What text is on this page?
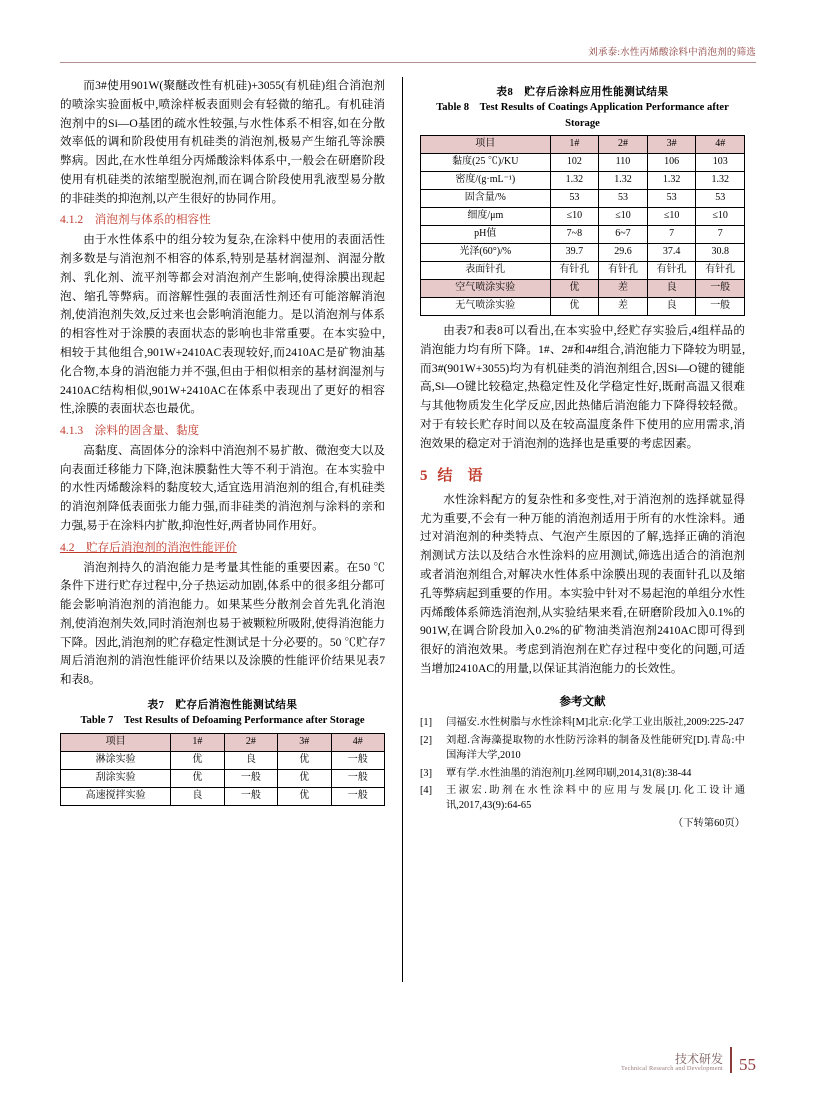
刘承泰:水性丙烯酸涂料中消泡剂的筛选

而3#使用901W(聚醚改性有机硅)+3055(有机硅)组合消泡剂的喷涂实验面板中,喷涂样板表面则会有轻微的缩孔。有机硅消泡剂中的Si—O基团的疏水性较强,与水性体系不相容,如在分散效率低的调和阶段使用有机硅类的消泡剂,极易产生缩孔等涂膜弊病。因此,在水性单组分丙烯酸涂料体系中,一般会在研磨阶段使用有机硅类的浓缩型脱泡剂,而在调合阶段使用乳液型易分散的非硅类的抑泡剂,以产生很好的协同作用。

4.1.2　消泡剂与体系的相容性

由于水性体系中的组分较为复杂,在涂料中使用的表面活性剂多数是与消泡剂不相容的体系,特别是基材润湿剂、润湿分散剂、乳化剂、流平剂等都会对消泡剂产生影响,使得涂膜出现起泡、缩孔等弊病。而溶解性强的表面活性剂还有可能溶解消泡剂,使消泡剂失效,反过来也会影响消泡能力。是以消泡剂与体系的相容性对于涂膜的表面状态的影响也非常重要。在本实验中,相较于其他组合,901W+2410AC表现较好,而2410AC是矿物油基化合物,本身的消泡能力并不强,但由于相似相亲的基材润湿剂与2410AC结构相似,901W+2410AC在体系中表现出了更好的相容性,涂膜的表面状态也最优。

4.1.3　涂料的固含量、黏度

高黏度、高固体分的涂料中消泡剂不易扩散、微泡变大以及向表面迁移能力下降,泡沫膜黏性大等不利于消泡。在本实验中的水性丙烯酸涂料的黏度较大,适宜选用消泡剂的组合,有机硅类的消泡剂降低表面张力能力强,而非硅类的消泡剂与涂料的亲和力强,易于在涂料内扩散,抑泡性好,两者协同作用好。

4.2　贮存后消泡剂的消泡性能评价

消泡剂持久的消泡能力是考量其性能的重要因素。在50 ℃条件下进行贮存过程中,分子热运动加剧,体系中的很多组分都可能会影响消泡剂的消泡能力。如果某些分散剂会首先乳化消泡剂,使消泡剂失效,同时消泡剂也易于被颗粒所吸附,使得消泡能力下降。因此,消泡剂的贮存稳定性测试是十分必要的。50 ℃贮存7周后消泡剂的消泡性能评价结果以及涂膜的性能评价结果见表7和表8。

表7　贮存后消泡性能测试结果
Table 7　Test Results of Defoaming Performance after Storage
项目	1#	2#	3#	4#
淋涂实验	优	良	优	一般
刮涂实验	优	一般	优	一般
高速搅拌实验	良	一般	优	一般
表8　贮存后涂料应用性能测试结果
Table 8　Test Results of Coatings Application Performance after Storage
项目	1#	2#	3#	4#
黏度(25 ℃)/KU	102	110	106	103
密度/(g·mL⁻¹)	1.32	1.32	1.32	1.32
固含量/%	53	53	53	53
细度/μm	≤10	≤10	≤10	≤10
pH值	7~8	6~7	7	7
光泽(60°)/%	39.7	29.6	37.4	30.8
表面针孔	有针孔	有针孔	有针孔	有针孔
空气喷涂实验	优	差	良	一般
无气喷涂实验	优	差	良	一般

由表7和表8可以看出,在本实验中,经贮存实验后,4组样品的消泡能力均有所下降。1#、2#和4#组合,消泡能力下降较为明显,而3#(901W+3055)均为有机硅类的消泡剂组合,因Si—O键的键能高,Si—O键比较稳定,热稳定性及化学稳定性好,既耐高温又很难与其他物质发生化学反应,因此热储后消泡能力下降得较轻微。对于有较长贮存时间以及在较高温度条件下使用的应用需求,消泡效果的稳定对于消泡剂的选择也是重要的考虑因素。

5 结　语

水性涂料配方的复杂性和多变性,对于消泡剂的选择就显得尤为重要,不会有一种万能的消泡剂适用于所有的水性涂料。通过对消泡剂的种类特点、气泡产生原因的了解,选择正确的消泡剂测试方法以及结合水性涂料的应用测试,筛选出适合的消泡剂或者消泡剂组合,对解决水性体系中涂膜出现的表面针孔以及缩孔等弊病起到重要的作用。本实验中针对不易起泡的单组分水性丙烯酸体系筛选消泡剂,从实验结果来看,在研磨阶段加入0.1%的901W,在调合阶段加入0.2%的矿物油类消泡剂2410AC即可得到很好的消泡效果。考虑到消泡剂在贮存过程中变化的问题,可适当增加2410AC的用量,以保证其消泡能力的长效性。

参考文献
[1]	闫福安.水性树脂与水性涂料[M]北京:化学工业出版社,2009:225-247
[2]	刘超.含海藻提取物的水性防污涂料的制备及性能研究[D].青岛:中国海洋大学,2010
[3]	覃有学.水性油墨的消泡剂[J].丝网印刷,2014,31(8):38-44
[4]	王淑宏.助剂在水性涂料中的应用与发展[J].化工设计通讯,2017,43(9):64-65
（下转第60页）
技术研发
Technical Research and Development 55
